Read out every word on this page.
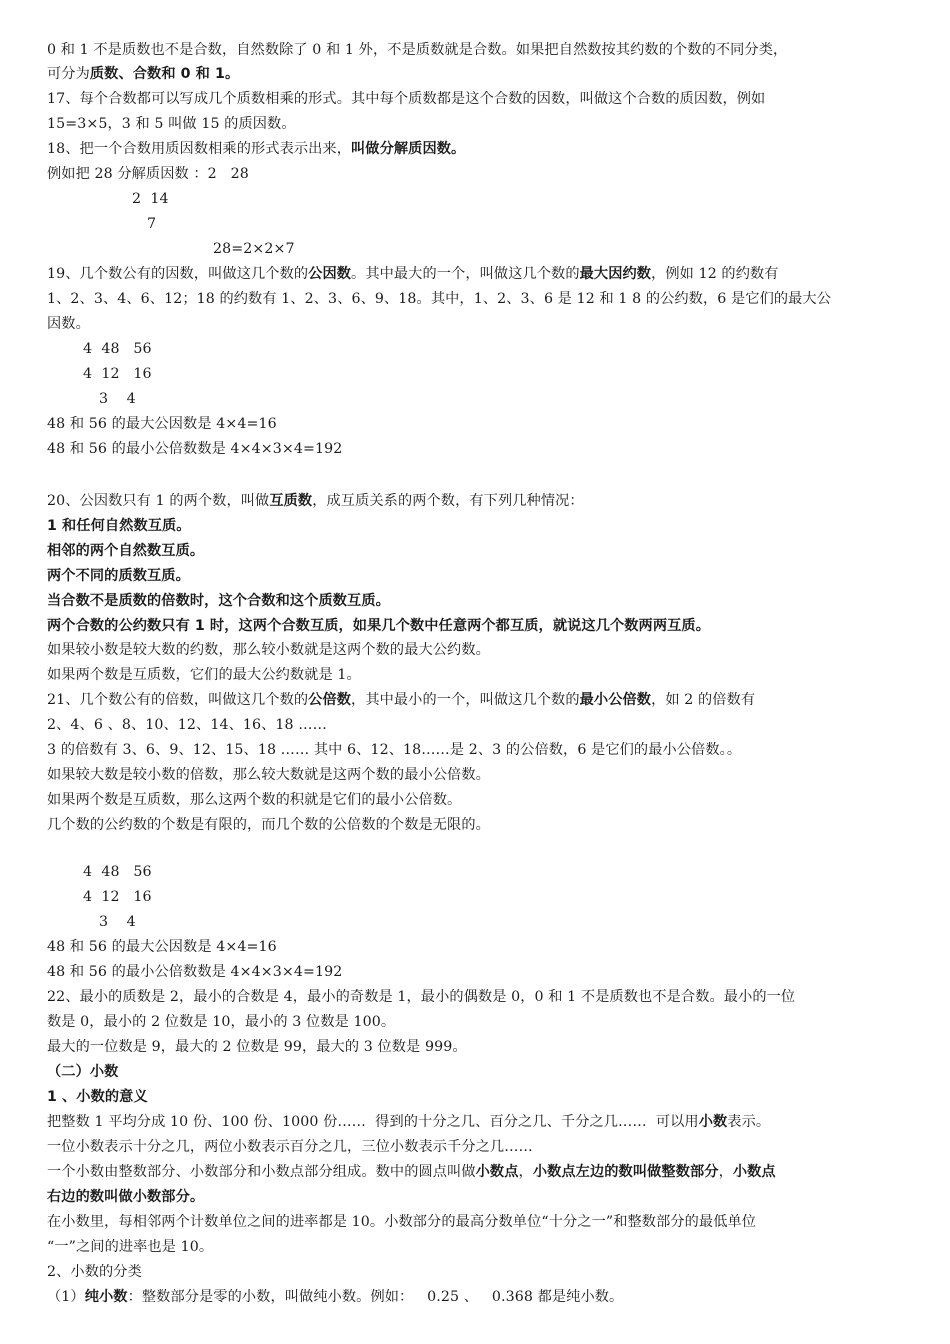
0 和 1 不是质数也不是合数，自然数除了 0 和 1 外，不是质数就是合数。如果把自然数按其约数的个数的不同分类，
可分为质数、合数和 0 和 1。
17、每个合数都可以写成几个质数相乘的形式。其中每个质数都是这个合数的因数，叫做这个合数的质因数，例如
15=3×5，3 和 5 叫做 15 的质因数。
18、把一个合数用质因数相乘的形式表示出来，叫做分解质因数。
例如把 28 分解质因数 ：2   28
2  14
7
28=2×2×7
19、几个数公有的因数，叫做这几个数的公因数。其中最大的一个，叫做这几个数的最大因约数，例如 12 的约数有
1、2、3、4、6、12；18 的约数有 1、2、3、6、9、18。其中，1、2、3、6 是 12 和 1 8 的公约数，6 是它们的最大公
因数。
4  48   56
4  12   16
3    4
48 和 56 的最大公因数是 4×4=16
48 和 56 的最小公倍数数是 4×4×3×4=192
20、公因数只有 1 的两个数，叫做互质数，成互质关系的两个数，有下列几种情况：
1 和任何自然数互质。
相邻的两个自然数互质。
两个不同的质数互质。
当合数不是质数的倍数时，这个合数和这个质数互质。
两个合数的公约数只有 1 时，这两个合数互质，如果几个数中任意两个都互质，就说这几个数两两互质。
如果较小数是较大数的约数，那么较小数就是这两个数的最大公约数。
如果两个数是互质数，它们的最大公约数就是 1。
21、几个数公有的倍数，叫做这几个数的公倍数，其中最小的一个，叫做这几个数的最小公倍数，如 2 的倍数有
2、4、6 、8、10、12、14、16、18 ……
3 的倍数有 3、6、9、12、15、18 …… 其中 6、12、18……是 2、3 的公倍数，6 是它们的最小公倍数。。
如果较大数是较小数的倍数，那么较大数就是这两个数的最小公倍数。
如果两个数是互质数，那么这两个数的积就是它们的最小公倍数。
几个数的公约数的个数是有限的，而几个数的公倍数的个数是无限的。
4  48   56
4  12   16
3    4
48 和 56 的最大公因数是 4×4=16
48 和 56 的最小公倍数数是 4×4×3×4=192
22、最小的质数是 2，最小的合数是 4，最小的奇数是 1，最小的偶数是 0，0 和 1 不是质数也不是合数。最小的一位
数是 0，最小的 2 位数是 10，最小的 3 位数是 100。
最大的一位数是 9，最大的 2 位数是 99，最大的 3 位数是 999。
（二）小数
1 、小数的意义
把整数 1 平均分成 10 份、100 份、1000 份……  得到的十分之几、百分之几、千分之几……  可以用小数表示。
一位小数表示十分之几，两位小数表示百分之几，三位小数表示千分之几……
一个小数由整数部分、小数部分和小数点部分组成。数中的圆点叫做小数点，小数点左边的数叫做整数部分，小数点
右边的数叫做小数部分。
在小数里，每相邻两个计数单位之间的进率都是 10。小数部分的最高分数单位“十分之一”和整数部分的最低单位
“一”之间的进率也是 10。
2、小数的分类
（1）纯小数：整数部分是零的小数，叫做纯小数。例如：   0.25 、   0.368 都是纯小数。
